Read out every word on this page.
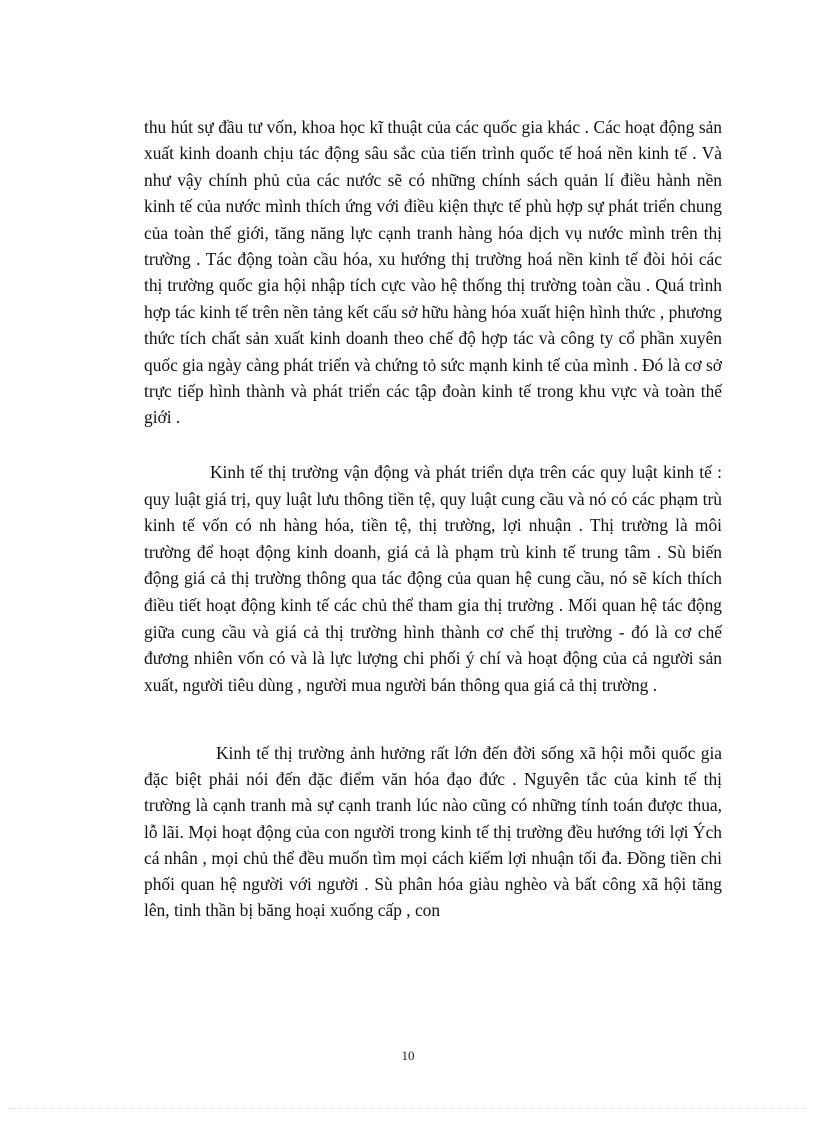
thu hút sự đầu tư vốn, khoa học kĩ thuật của các quốc gia khác . Các hoạt động sản xuất kinh doanh chịu tác động sâu sắc của tiến trình quốc tế hoá nền kinh tế . Và như vậy chính phủ của các nước sẽ có những chính sách quản lí điều hành nền kinh tế của nước mình thích ứng với điều kiện thực tế phù hợp sự phát triển chung của toàn thế giới, tăng năng lực cạnh tranh hàng hóa dịch vụ nước mình trên thị trường . Tác động toàn cầu hóa, xu hướng thị trường hoá nền kinh tế đòi hỏi các thị trường quốc gia hội nhập tích cực vào hệ thống thị trường toàn cầu . Quá trình hợp tác kinh tế trên nền tảng kết cấu sở hữu hàng hóa xuất hiện hình thức , phương thức tích chất sản xuất kinh doanh theo chế độ hợp tác và công ty cổ phần xuyên quốc gia ngày càng phát triển và chứng tỏ sức mạnh kinh tế của mình . Đó là cơ sở trực tiếp hình thành và phát triển các tập đoàn kinh tế trong khu vực và toàn thế giới .
Kinh tế thị trường vận động và phát triển dựa trên các quy luật kinh tế : quy luật giá trị, quy luật lưu thông tiền tệ, quy luật cung cầu và nó có các phạm trù kinh tế vốn có nh hàng hóa, tiền tệ, thị trường, lợi nhuận . Thị trường là môi trường để hoạt động kinh doanh, giá cả là phạm trù kinh tế trung tâm . Sù biến động giá cả thị trường thông qua tác động của quan hệ cung cầu, nó sẽ kích thích điều tiết hoạt động kinh tế các chủ thể tham gia thị trường . Mối quan hệ tác động giữa cung cầu và giá cả thị trường hình thành cơ chế thị trường - đó là cơ chế đương nhiên vốn có và là lực lượng chi phối ý chí và hoạt động của cả người sản xuất, người tiêu dùng , người mua người bán thông qua giá cả thị trường .
Kinh tế thị trường ảnh hưởng rất lớn đến đời sống xã hội mỗi quốc gia đặc biệt phải nói đến đặc điểm văn hóa đạo đức . Nguyên tắc của kinh tế thị trường là cạnh tranh mà sự cạnh tranh lúc nào cũng có những tính toán được thua, lỗ lãi. Mọi hoạt động của con người trong kinh tế thị trường đều hướng tới lợi Ých cá nhân , mọi chủ thể đều muốn tìm mọi cách kiếm lợi nhuận tối đa. Đồng tiền chi phối quan hệ người với người . Sù phân hóa giàu nghèo và bất công xã hội tăng lên, tinh thần bị băng hoại xuống cấp , con
10
